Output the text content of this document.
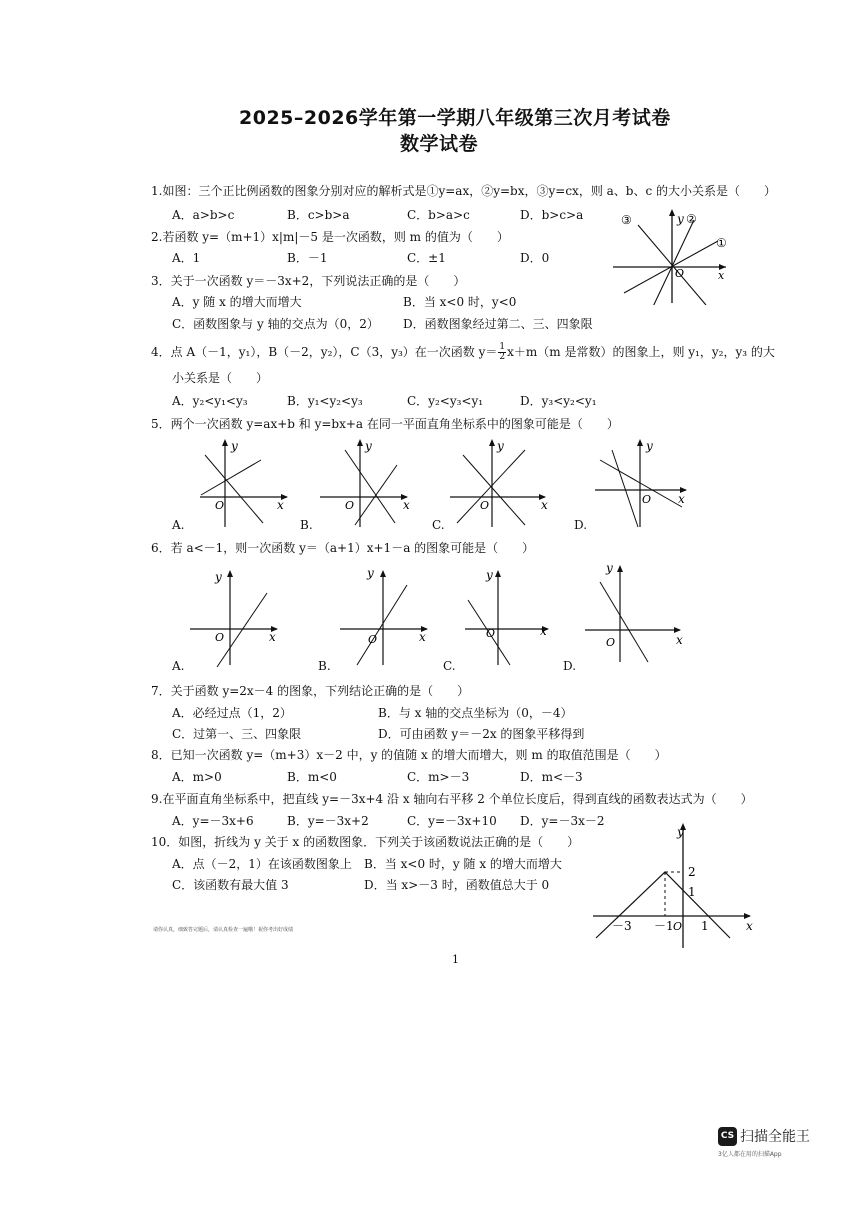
2025–2026学年第一学期八年级第三次月考试卷
数学试卷
1.如图：三个正比例函数的图象分别对应的解析式是①y=ax，②y=bx，③y=cx，则 a、b、c 的大小关系是（　　）
A．a>b>c	B．c>b>a	C．b>a>c	D．b>c>a	③	y ②
①
O	x
2.若函数 y=（m+1）x|m|－5 是一次函数，则 m 的值为（　　）
A．1	B．－1	C．±1	D．0
3．关于一次函数 y＝－3x+2，下列说法正确的是（　　）
A．y 随 x 的增大而增大	B．当 x<0 时，y<0
C．函数图象与 y 轴的交点为（0，2） D．函数图象经过第二、三、四象限
4．点 A（－1，y₁），B（－2，y₂），C（3，y₃）在一次函数 $y= \frac{1}{2} x+m(m$ 是常数）的图象上，则 y₁，y₂，y₃ 的大
小关系是（　　）
A．y₂<y₁<y₃	B．y₁<y₂<y₃	C．y₂<y₃<y₁	D．y₃<y₂<y₁
5．两个一次函数 y=ax+b 和 y=bx+a 在同一平面直角坐标系中的图象可能是（　　）
y
x
O
y
x
O
y
x
O
y
x
O
A.	B.	C.	D.
6．若 a<－1，则一次函数 y＝（a+1）x+1－a 的图象可能是（　　）
y
x
O
y
x
O
y
x
O
y
x
O
A.	B.	C.	D.
7．关于函数 y=2x－4 的图象，下列结论正确的是（　　）
A．必经过点（1，2）	B．与 x 轴的交点坐标为（0，－4）
C．过第一、三、四象限	D．可由函数 y＝－2x 的图象平移得到
8．已知一次函数 y=（m+3）x－2 中，y 的值随 x 的增大而增大，则 m 的取值范围是（　　）
A．m>0	B．m<0	C．m>－3	D．m<－3
9.在平面直角坐标系中，把直线 y=－3x+4 沿 x 轴向右平移 2 个单位长度后，得到直线的函数表达式为（　　）
A．y=－3x+6	B．y=－3x+2	C．y=－3x+10 D．y=－3x－2
10．如图，折线为 y 关于 x 的函数图象．下列关于该函数说法正确的是（　　）
A．点（－2，1）在该函数图象上 B．当 x<0 时，y 随 x 的增大而增大
C．该函数有最大值 3	D．当 x>－3 时，函数值总大于 0
y
2
1
x
－3 －1 O 1
请你认真，细致答完题后，请认真检查一遍哦！祝你考出好成绩
1
CS 扫描全能王
3亿人都在用的扫描App
